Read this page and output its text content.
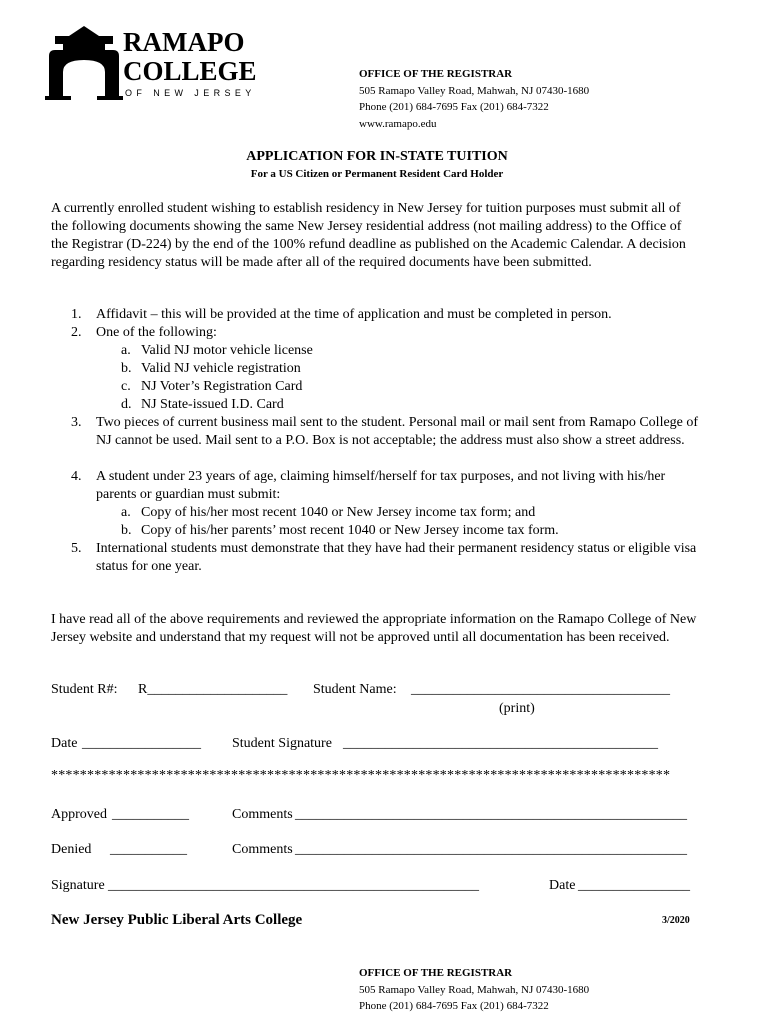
RAMAPO
COLLEGE
OF NEW JERSEY
OFFICE OF THE REGISTRAR
505 Ramapo Valley Road, Mahwah, NJ 07430-1680
Phone (201) 684-7695 Fax (201) 684-7322
www.ramapo.edu
APPLICATION FOR IN-STATE TUITION
For a US Citizen or Permanent Resident Card Holder
A currently enrolled student wishing to establish residency in New Jersey for tuition purposes must submit all of the following documents showing the same New Jersey residential address (not mailing address) to the Office of the Registrar (D-224) by the end of the 100% refund deadline as published on the Academic Calendar. A decision regarding residency status will be made after all of the required documents have been submitted.
1. Affidavit – this will be provided at the time of application and must be completed in person.
2. One of the following:
a. Valid NJ motor vehicle license
b. Valid NJ vehicle registration
c. NJ Voter’s Registration Card
d. NJ State-issued I.D. Card
3. Two pieces of current business mail sent to the student. Personal mail or mail sent from Ramapo College of NJ cannot be used. Mail sent to a P.O. Box is not acceptable; the address must also show a street address.
4. A student under 23 years of age, claiming himself/herself for tax purposes, and not living with his/her parents or guardian must submit:
a. Copy of his/her most recent 1040 or New Jersey income tax form; and
b. Copy of his/her parents’ most recent 1040 or New Jersey income tax form.
5. International students must demonstrate that they have had their permanent residency status or eligible visa status for one year.
I have read all of the above requirements and reviewed the appropriate information on the Ramapo College of New Jersey website and understand that my request will not be approved until all documentation has been received.
Student R#: R____________________ Student Name: _____________________________________
(print)
Date _________________ Student Signature _____________________________________________
**************************************************************************************
Approved ___________	Comments ________________________________________________________
Denied ___________	Comments ________________________________________________________
Signature _____________________________________________________	Date ________________
New Jersey Public Liberal Arts College	3/2020
OFFICE OF THE REGISTRAR
505 Ramapo Valley Road, Mahwah, NJ 07430-1680
Phone (201) 684-7695 Fax (201) 684-7322
